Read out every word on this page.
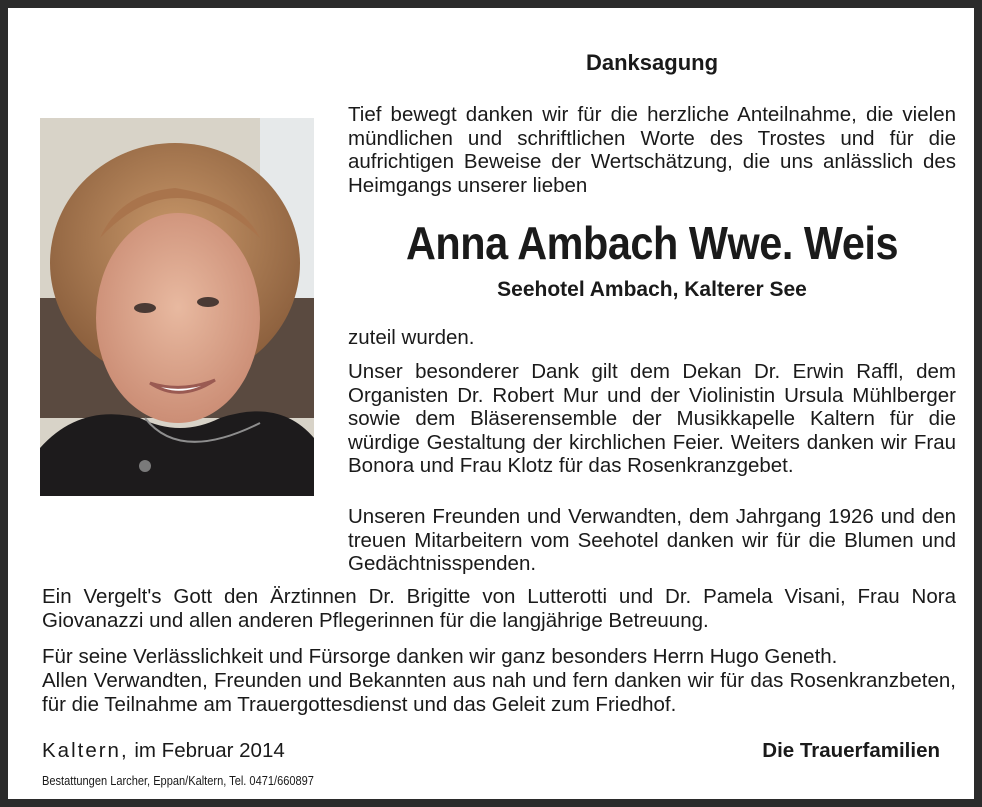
Danksagung

Tief bewegt danken wir für die herzliche Anteilnahme, die vielen mündlichen und schriftlichen Worte des Trostes und für die aufrichtigen Beweise der Wertschätzung, die uns anlässlich des Heimgangs unserer lieben

Anna Ambach Wwe. Weis
Seehotel Ambach, Kalterer See

zuteil wurden.

Unser besonderer Dank gilt dem Dekan Dr. Erwin Raffl, dem Organisten Dr. Robert Mur und der Violinistin Ursula Mühlberger sowie dem Bläserensemble der Musikkapelle Kaltern für die würdige Gestaltung der kirchlichen Feier. Weiters danken wir Frau Bonora und Frau Klotz für das Rosenkranzgebet.

Unseren Freunden und Verwandten, dem Jahrgang 1926 und den treuen Mitarbeitern vom Seehotel danken wir für die Blumen und Gedächtnisspenden.

Ein Vergelt's Gott den Ärztinnen Dr. Brigitte von Lutterotti und Dr. Pamela Visani, Frau Nora Giovanazzi und allen anderen Pflegerinnen für die langjährige Betreuung.

Für seine Verlässlichkeit und Fürsorge danken wir ganz besonders Herrn Hugo Geneth.

Allen Verwandten, Freunden und Bekannten aus nah und fern danken wir für das Rosenkranzbeten, für die Teilnahme am Trauergottesdienst und das Geleit zum Friedhof.

Kaltern, im Februar 2014	Die Trauerfamilien
Bestattungen Larcher, Eppan/Kaltern, Tel. 0471/660897
